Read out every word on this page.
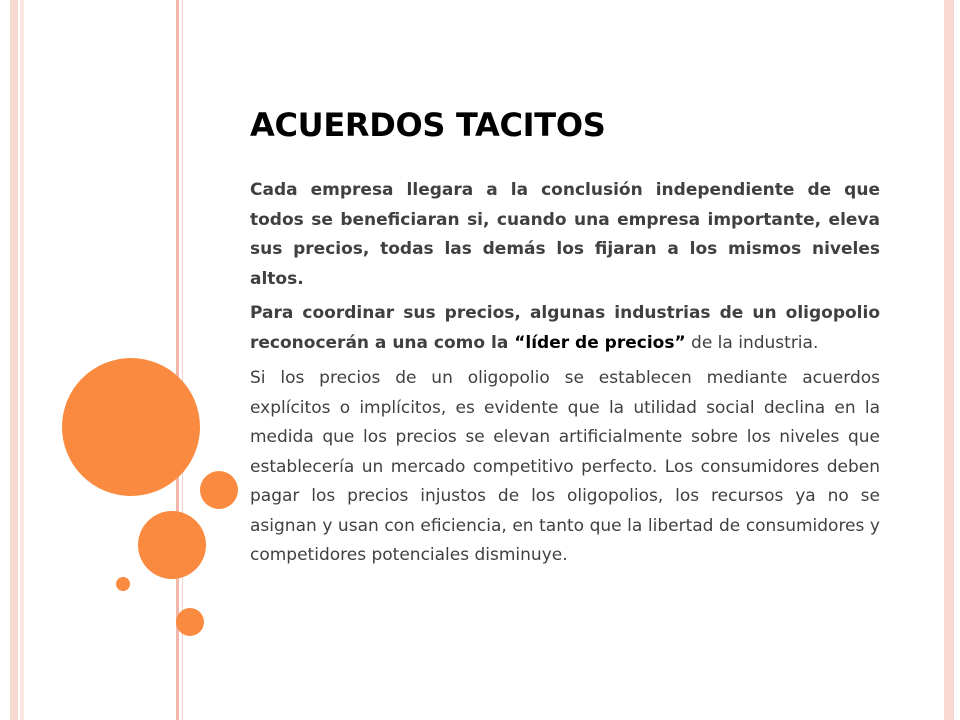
ACUERDOS TACITOS

Cada empresa llegara a la conclusión independiente de que todos se beneficiaran si, cuando una empresa importante, eleva sus precios, todas las demás los fijaran a los mismos niveles altos.

Para coordinar sus precios, algunas industrias de un oligopolio reconocerán a una como la “líder de precios” de la industria.

Si los precios de un oligopolio se establecen mediante acuerdos explícitos o implícitos, es evidente que la utilidad social declina en la medida que los precios se elevan artificialmente sobre los niveles que establecería un mercado competitivo perfecto. Los consumidores deben pagar los precios injustos de los oligopolios, los recursos ya no se asignan y usan con eficiencia, en tanto que la libertad de consumidores y competidores potenciales disminuye.
